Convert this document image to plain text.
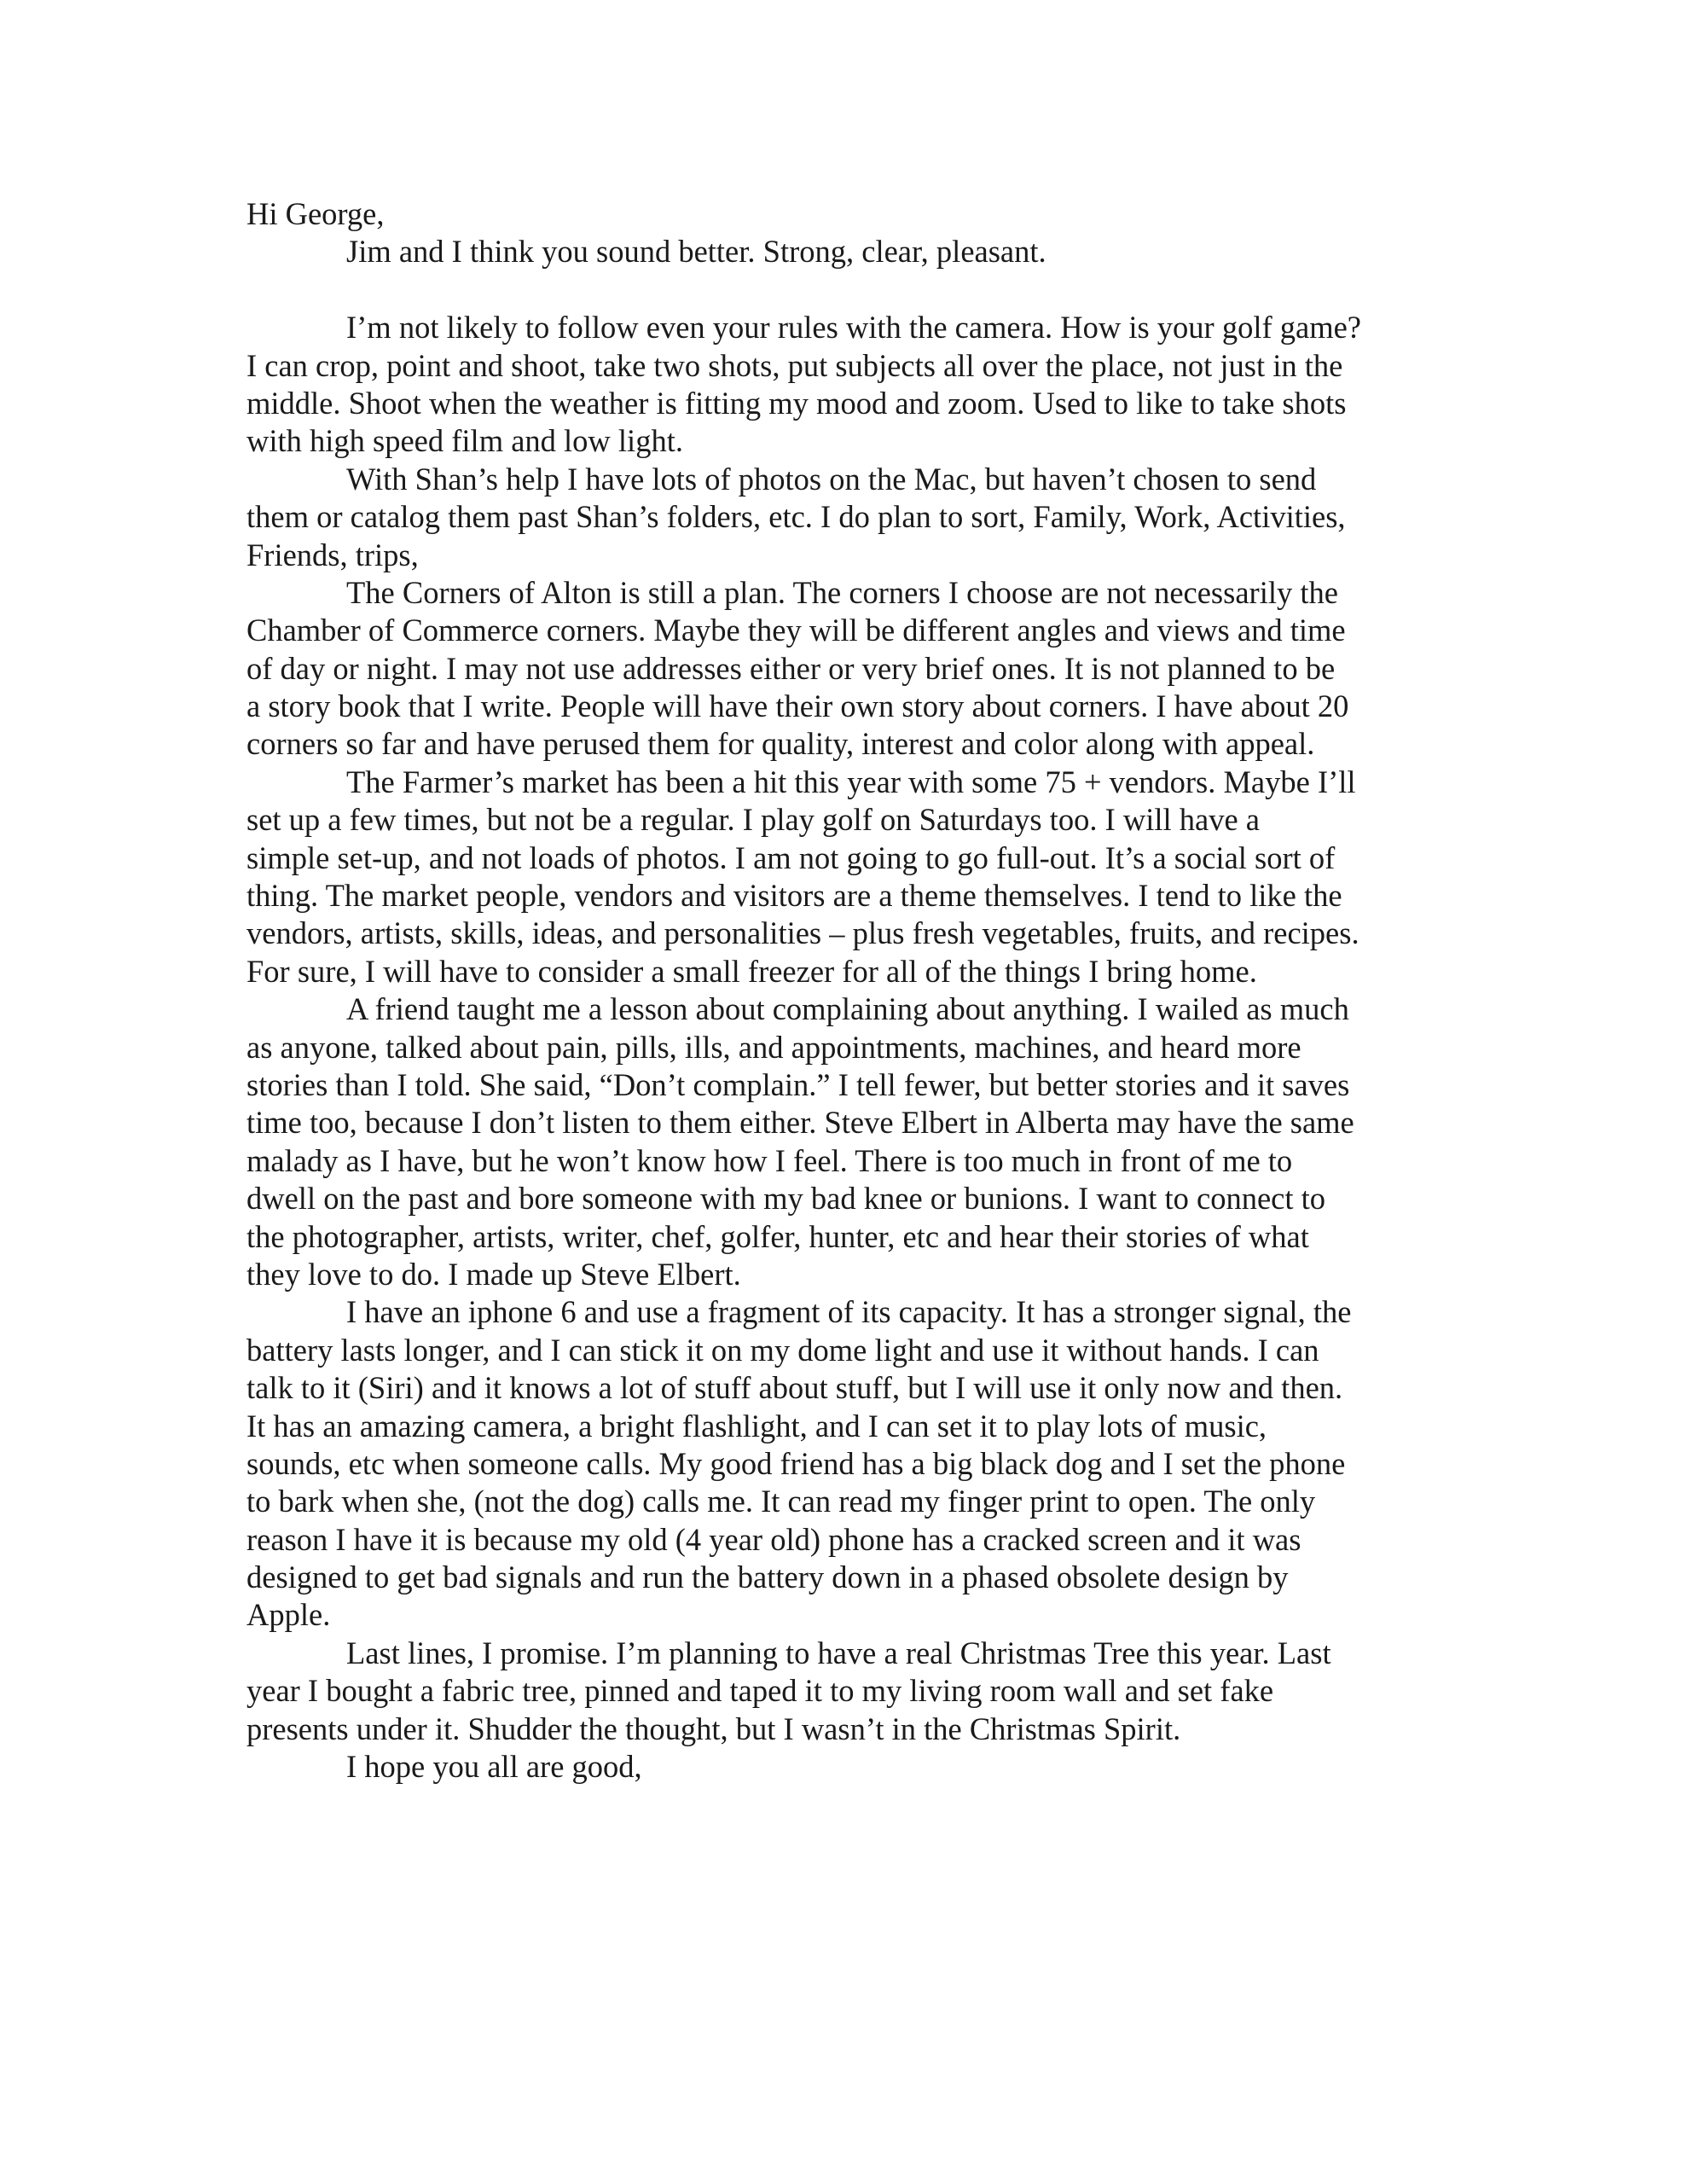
Hi George,
Jim and I think you sound better. Strong, clear, pleasant.
I’m not likely to follow even your rules with the camera. How is your golf game?
I can crop, point and shoot, take two shots, put subjects all over the place, not just in the
middle. Shoot when the weather is fitting my mood and zoom. Used to like to take shots
with high speed film and low light.
With Shan’s help I have lots of photos on the Mac, but haven’t chosen to send
them or catalog them past Shan’s folders, etc. I do plan to sort, Family, Work, Activities,
Friends, trips,
The Corners of Alton is still a plan. The corners I choose are not necessarily the
Chamber of Commerce corners. Maybe they will be different angles and views and time
of day or night. I may not use addresses either or very brief ones. It is not planned to be
a story book that I write. People will have their own story about corners. I have about 20
corners so far and have perused them for quality, interest and color along with appeal.
The Farmer’s market has been a hit this year with some 75 + vendors. Maybe I’ll
set up a few times, but not be a regular. I play golf on Saturdays too. I will have a
simple set-up, and not loads of photos. I am not going to go full-out. It’s a social sort of
thing. The market people, vendors and visitors are a theme themselves. I tend to like the
vendors, artists, skills, ideas, and personalities – plus fresh vegetables, fruits, and recipes.
For sure, I will have to consider a small freezer for all of the things I bring home.
A friend taught me a lesson about complaining about anything. I wailed as much
as anyone, talked about pain, pills, ills, and appointments, machines, and heard more
stories than I told. She said, “Don’t complain.” I tell fewer, but better stories and it saves
time too, because I don’t listen to them either. Steve Elbert in Alberta may have the same
malady as I have, but he won’t know how I feel. There is too much in front of me to
dwell on the past and bore someone with my bad knee or bunions. I want to connect to
the photographer, artists, writer, chef, golfer, hunter, etc and hear their stories of what
they love to do. I made up Steve Elbert.
I have an iphone 6 and use a fragment of its capacity. It has a stronger signal, the
battery lasts longer, and I can stick it on my dome light and use it without hands. I can
talk to it (Siri) and it knows a lot of stuff about stuff, but I will use it only now and then.
It has an amazing camera, a bright flashlight, and I can set it to play lots of music,
sounds, etc when someone calls. My good friend has a big black dog and I set the phone
to bark when she, (not the dog) calls me. It can read my finger print to open. The only
reason I have it is because my old (4 year old) phone has a cracked screen and it was
designed to get bad signals and run the battery down in a phased obsolete design by
Apple.
Last lines, I promise. I’m planning to have a real Christmas Tree this year. Last
year I bought a fabric tree, pinned and taped it to my living room wall and set fake
presents under it. Shudder the thought, but I wasn’t in the Christmas Spirit.
I hope you all are good,
